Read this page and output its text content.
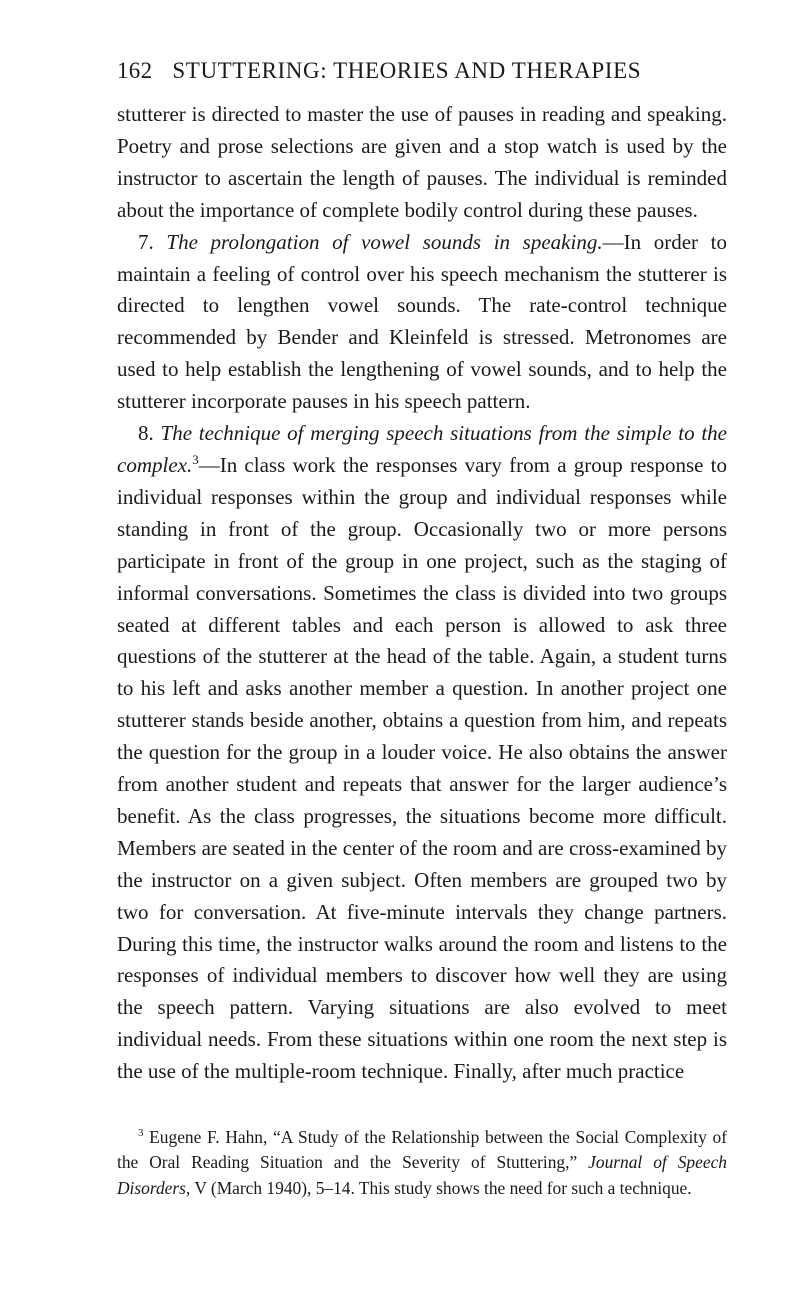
162 STUTTERING: THEORIES AND THERAPIES

stutterer is directed to master the use of pauses in reading and speaking. Poetry and prose selections are given and a stop watch is used by the instructor to ascertain the length of pauses. The individual is reminded about the importance of complete bodily control during these pauses.

7. The prolongation of vowel sounds in speaking.—In order to maintain a feeling of control over his speech mechanism the stutterer is directed to lengthen vowel sounds. The rate-control technique recommended by Bender and Kleinfeld is stressed. Metronomes are used to help establish the lengthening of vowel sounds, and to help the stutterer incorporate pauses in his speech pattern.

8. The technique of merging speech situations from the simple to the complex.$^3$—In class work the responses vary from a group response to individual responses within the group and individual responses while standing in front of the group. Occasionally two or more persons participate in front of the group in one project, such as the staging of informal conversations. Sometimes the class is divided into two groups seated at different tables and each person is allowed to ask three questions of the stutterer at the head of the table. Again, a student turns to his left and asks another member a question. In another project one stutterer stands beside another, obtains a question from him, and repeats the question for the group in a louder voice. He also obtains the answer from another student and repeats that answer for the larger audience’s benefit. As the class progresses, the situations become more difficult. Members are seated in the center of the room and are cross-examined by the instructor on a given subject. Often members are grouped two by two for conversation. At five-minute intervals they change partners. During this time, the instructor walks around the room and listens to the responses of individual members to discover how well they are using the speech pattern. Varying situations are also evolved to meet individual needs. From these situations within one room the next step is the use of the multiple-room technique. Finally, after much practice

$^3$ Eugene F. Hahn, “A Study of the Relationship between the Social Complexity of the Oral Reading Situation and the Severity of Stuttering,” Journal of Speech Disorders, V (March 1940), 5–14. This study shows the need for such a technique.
